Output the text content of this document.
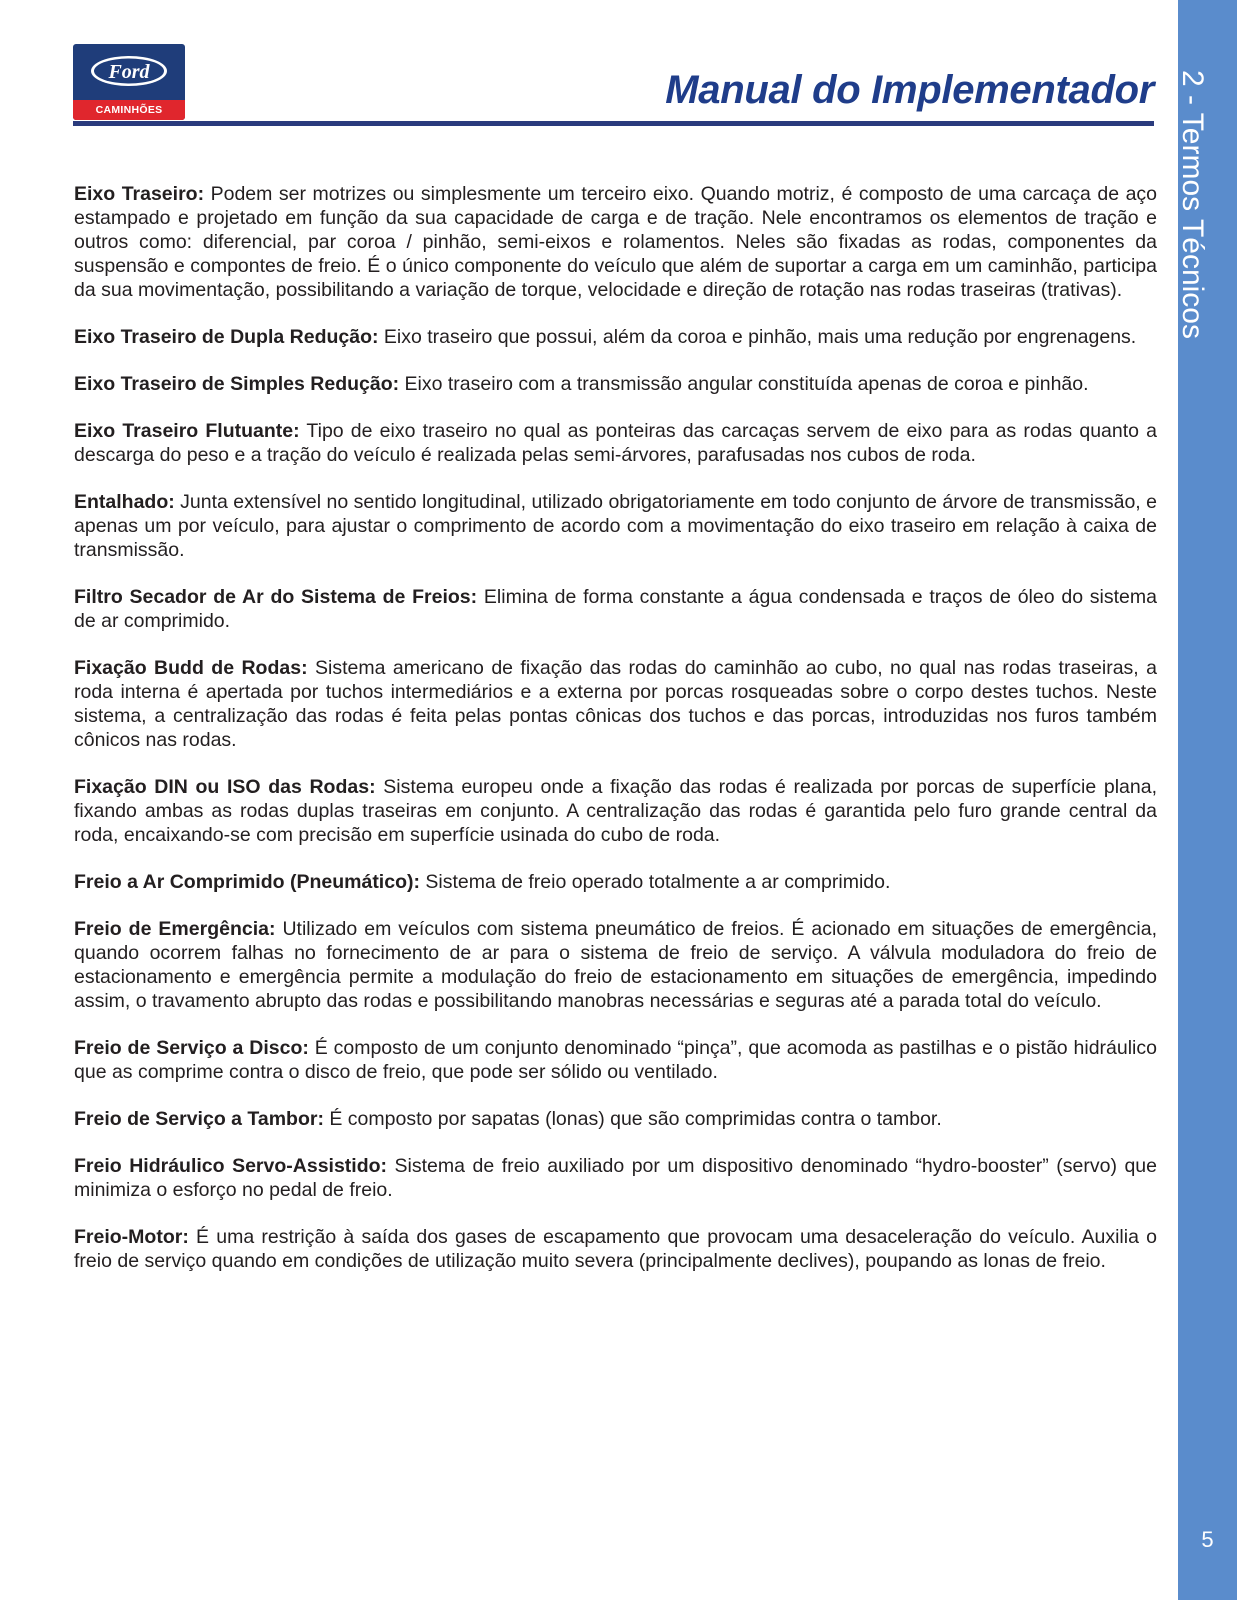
Ford
CAMINHÕES	Manual do Implementador 2 - Termos Técnicos
5

Eixo Traseiro: Podem ser motrizes ou simplesmente um terceiro eixo. Quando motriz, é composto de uma carcaça de aço estampado e projetado em função da sua capacidade de carga e de tração. Nele encontramos os elementos de tração e outros como: diferencial, par coroa / pinhão, semi-eixos e rolamentos. Neles são fixadas as rodas, componentes da suspensão e compontes de freio. É o único componente do veículo que além de suportar a carga em um caminhão, participa da sua movimentação, possibilitando a variação de torque, velocidade e direção de rotação nas rodas traseiras (trativas).

Eixo Traseiro de Dupla Redução: Eixo traseiro que possui, além da coroa e pinhão, mais uma redução por engrenagens.

Eixo Traseiro de Simples Redução: Eixo traseiro com a transmissão angular constituída apenas de coroa e pinhão.

Eixo Traseiro Flutuante: Tipo de eixo traseiro no qual as ponteiras das carcaças servem de eixo para as rodas quanto a descarga do peso e a tração do veículo é realizada pelas semi-árvores, parafusadas nos cubos de roda.

Entalhado: Junta extensível no sentido longitudinal, utilizado obrigatoriamente em todo conjunto de árvore de transmissão, e apenas um por veículo, para ajustar o comprimento de acordo com a movimentação do eixo traseiro em relação à caixa de transmissão.

Filtro Secador de Ar do Sistema de Freios: Elimina de forma constante a água condensada e traços de óleo do sistema de ar comprimido.

Fixação Budd de Rodas: Sistema americano de fixação das rodas do caminhão ao cubo, no qual nas rodas traseiras, a roda interna é apertada por tuchos intermediários e a externa por porcas rosqueadas sobre o corpo destes tuchos. Neste sistema, a centralização das rodas é feita pelas pontas cônicas dos tuchos e das porcas, introduzidas nos furos também cônicos nas rodas.

Fixação DIN ou ISO das Rodas: Sistema europeu onde a fixação das rodas é realizada por porcas de superfície plana, fixando ambas as rodas duplas traseiras em conjunto. A centralização das rodas é garantida pelo furo grande central da roda, encaixando-se com precisão em superfície usinada do cubo de roda.

Freio a Ar Comprimido (Pneumático): Sistema de freio operado totalmente a ar comprimido.

Freio de Emergência: Utilizado em veículos com sistema pneumático de freios. É acionado em situações de emergência, quando ocorrem falhas no fornecimento de ar para o sistema de freio de serviço. A válvula moduladora do freio de estacionamento e emergência permite a modulação do freio de estacionamento em situações de emergência, impedindo assim, o travamento abrupto das rodas e possibilitando manobras necessárias e seguras até a parada total do veículo.

Freio de Serviço a Disco: É composto de um conjunto denominado “pinça”, que acomoda as pastilhas e o pistão hidráulico que as comprime contra o disco de freio, que pode ser sólido ou ventilado.

Freio de Serviço a Tambor: É composto por sapatas (lonas) que são comprimidas contra o tambor.

Freio Hidráulico Servo-Assistido: Sistema de freio auxiliado por um dispositivo denominado “hydro-booster” (servo) que minimiza o esforço no pedal de freio.

Freio-Motor: É uma restrição à saída dos gases de escapamento que provocam uma desaceleração do veículo. Auxilia o freio de serviço quando em condições de utilização muito severa (principalmente declives), poupando as lonas de freio.
